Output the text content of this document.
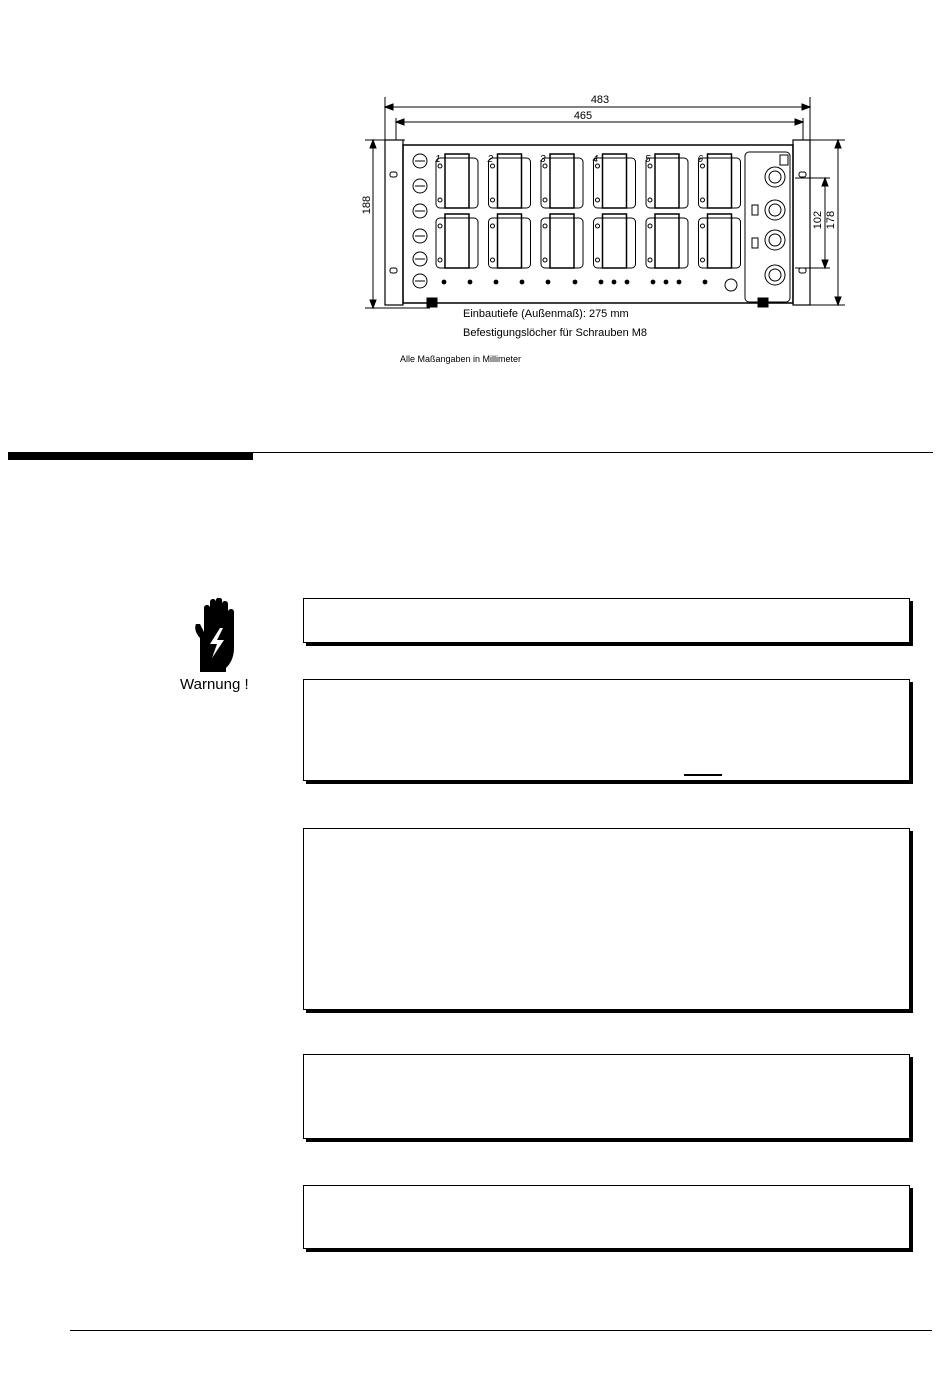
1	2	3	4	5	6
483
465
188
102 178
Einbautiefe (Außenmaß): 275 mm
Befestigungslöcher für Schrauben M8
Alle Maßangaben in Millimeter
Warnung !
